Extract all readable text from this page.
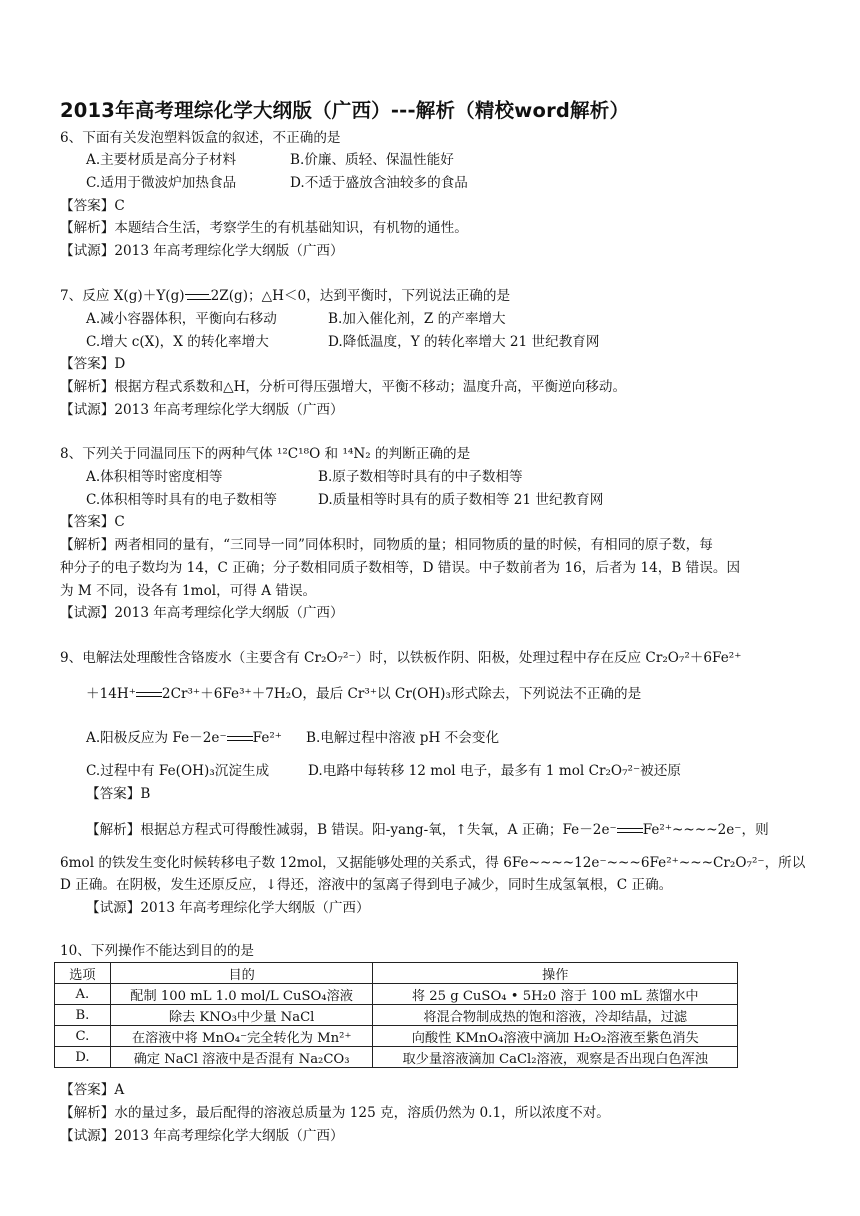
2013年高考理综化学大纲版（广西）---解析（精校word解析）
6、下面有关发泡塑料饭盒的叙述，不正确的是
A.主要材质是高分子材料	B.价廉、质轻、保温性能好
C.适用于微波炉加热食品	D.不适于盛放含油较多的食品
【答案】C
【解析】本题结合生活，考察学生的有机基础知识，有机物的通性。
【试源】2013 年高考理综化学大纲版（广西）
7、反应 X(g)＋Y(g) 2Z(g)；△H＜0，达到平衡时，下列说法正确的是
A.减小容器体积，平衡向右移动	B.加入催化剂，Z 的产率增大
C.增大 c(X)，X 的转化率增大	D.降低温度，Y 的转化率增大 21 世纪教育网
【答案】D
【解析】根据方程式系数和△H，分析可得压强增大，平衡不移动；温度升高，平衡逆向移动。
【试源】2013 年高考理综化学大纲版（广西）
8、下列关于同温同压下的两种气体 ¹²C¹⁸O 和 ¹⁴N₂ 的判断正确的是
A.体积相等时密度相等	B.原子数相等时具有的中子数相等
C.体积相等时具有的电子数相等	D.质量相等时具有的质子数相等 21 世纪教育网
【答案】C
【解析】两者相同的量有，“三同导一同”同体积时，同物质的量；相同物质的量的时候，有相同的原子数，每
种分子的电子数均为 14，C 正确；分子数相同质子数相等，D 错误。中子数前者为 16，后者为 14，B 错误。因
为 M 不同，设各有 1mol，可得 A 错误。
【试源】2013 年高考理综化学大纲版（广西）
9、电解法处理酸性含铬废水（主要含有 Cr₂O₇²⁻）时，以铁板作阴、阳极，处理过程中存在反应 Cr₂O₇²＋6Fe²⁺
＋14H⁺ 2Cr³⁺＋6Fe³⁺＋7H₂O，最后 Cr³⁺以 Cr(OH)₃形式除去，下列说法不正确的是
A.阳极反应为 Fe－2e⁻ Fe²⁺ B.电解过程中溶液 pH 不会变化
C.过程中有 Fe(OH)₃沉淀生成	D.电路中每转移 12 mol 电子，最多有 1 mol Cr₂O₇²⁻被还原
【答案】B
【解析】根据总方程式可得酸性减弱，B 错误。阳-yang-氧，↑失氧，A 正确；Fe－2e⁻ Fe²⁺~~~~2e⁻，则
6mol 的铁发生变化时候转移电子数 12mol，又据能够处理的关系式，得 6Fe~~~~12e⁻~~~6Fe²⁺~~~Cr₂O₇²⁻，所以
D 正确。在阴极，发生还原反应，↓得还，溶液中的氢离子得到电子减少，同时生成氢氧根，C 正确。
【试源】2013 年高考理综化学大纲版（广西）
10、下列操作不能达到目的的是
选项	目的	操作
A.	配制 100 mL 1.0 mol/L CuSO₄溶液	将 25 g CuSO₄ • 5H₂0 溶于 100 mL 蒸馏水中
B.	除去 KNO₃中少量 NaCl	将混合物制成热的饱和溶液，冷却结晶，过滤
C.	在溶液中将 MnO₄⁻完全转化为 Mn²⁺	向酸性 KMnO₄溶液中滴加 H₂O₂溶液至紫色消失
D.	确定 NaCl 溶液中是否混有 Na₂CO₃	取少量溶液滴加 CaCl₂溶液，观察是否出现白色浑浊
【答案】A
【解析】水的量过多，最后配得的溶液总质量为 125 克，溶质仍然为 0.1，所以浓度不对。
【试源】2013 年高考理综化学大纲版（广西）
